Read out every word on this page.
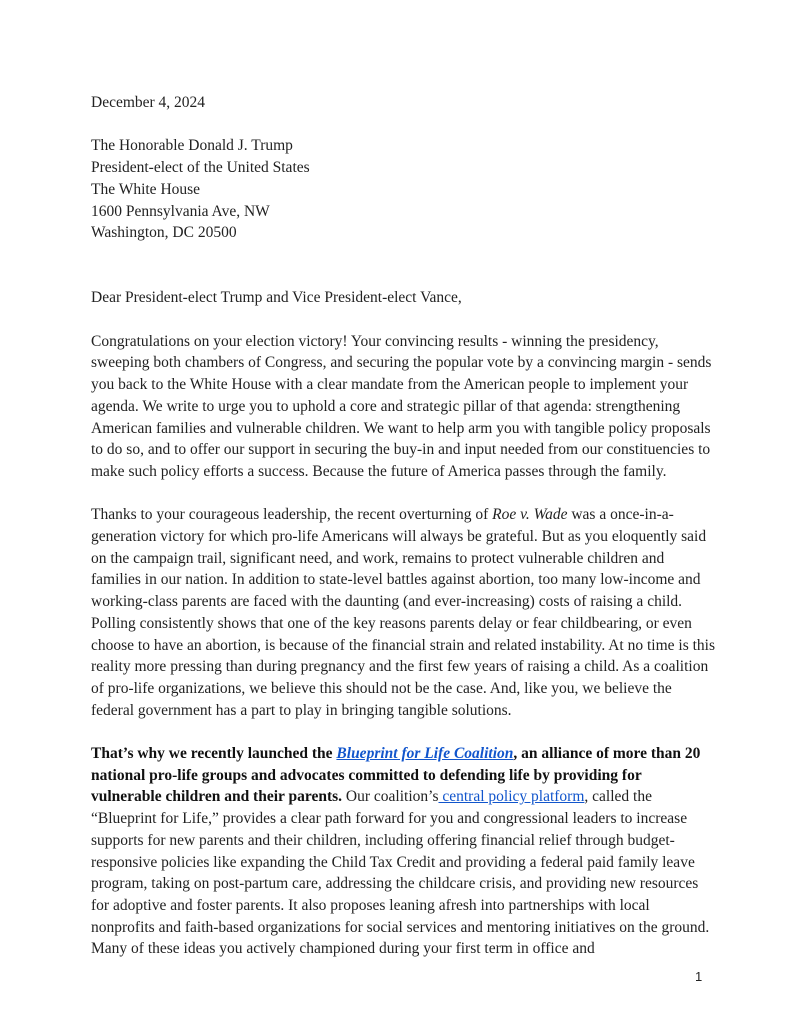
December 4, 2024

The Honorable Donald J. Trump
President-elect of the United States
The White House
1600 Pennsylvania Ave, NW
Washington, DC 20500

Dear President-elect Trump and Vice President-elect Vance,

Congratulations on your election victory! Your convincing results - winning the presidency, sweeping both chambers of Congress, and securing the popular vote by a convincing margin - sends you back to the White House with a clear mandate from the American people to implement your agenda. We write to urge you to uphold a core and strategic pillar of that agenda: strengthening American families and vulnerable children. We want to help arm you with tangible policy proposals to do so, and to offer our support in securing the buy-in and input needed from our constituencies to make such policy efforts a success. Because the future of America passes through the family.

Thanks to your courageous leadership, the recent overturning of Roe v. Wade was a once-in-a-generation victory for which pro-life Americans will always be grateful. But as you eloquently said on the campaign trail, significant need, and work, remains to protect vulnerable children and families in our nation. In addition to state-level battles against abortion, too many low-income and working-class parents are faced with the daunting (and ever-increasing) costs of raising a child. Polling consistently shows that one of the key reasons parents delay or fear childbearing, or even choose to have an abortion, is because of the financial strain and related instability. At no time is this reality more pressing than during pregnancy and the first few years of raising a child. As a coalition of pro-life organizations, we believe this should not be the case. And, like you, we believe the federal government has a part to play in bringing tangible solutions.

That’s why we recently launched the Blueprint for Life Coalition, an alliance of more than 20 national pro-life groups and advocates committed to defending life by providing for vulnerable children and their parents. Our coalition’s central policy platform, called the “Blueprint for Life,” provides a clear path forward for you and congressional leaders to increase supports for new parents and their children, including offering financial relief through budget-responsive policies like expanding the Child Tax Credit and providing a federal paid family leave program, taking on post-partum care, addressing the childcare crisis, and providing new resources for adoptive and foster parents. It also proposes leaning afresh into partnerships with local nonprofits and faith-based organizations for social services and mentoring initiatives on the ground. Many of these ideas you actively championed during your first term in office and

1
